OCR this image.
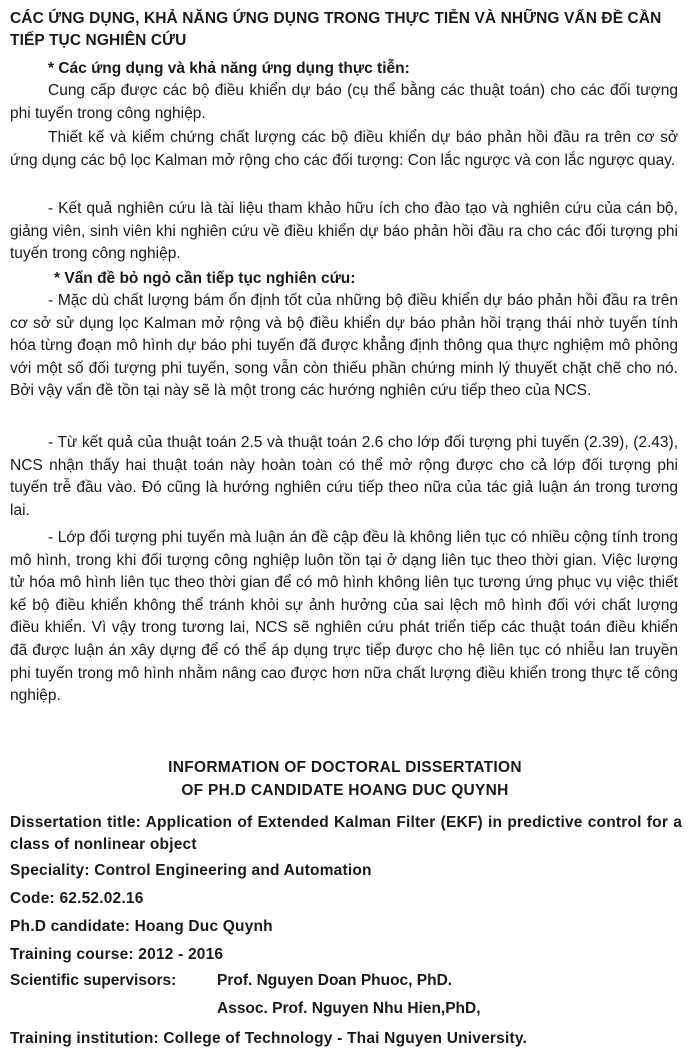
CÁC ỨNG DỤNG, KHẢ NĂNG ỨNG DỤNG TRONG THỰC TIỄN VÀ NHỮNG VẤN ĐỀ CẦN TIẾP TỤC NGHIÊN CỨU
* Các ứng dụng và khả năng ứng dụng thực tiễn:
Cung cấp được các bộ điều khiển dự báo (cụ thể bằng các thuật toán) cho các đối tượng phi tuyến trong công nghiệp.
Thiết kế và kiểm chứng chất lượng các bộ điều khiển dự báo phản hồi đầu ra trên cơ sở ứng dụng các bộ lọc Kalman mở rộng cho các đối tượng: Con lắc ngược và con lắc ngược quay.
- Kết quả nghiên cứu là tài liệu tham khảo hữu ích cho đào tạo và nghiên cứu của cán bộ, giảng viên, sinh viên khi nghiên cứu về điều khiển dự báo phản hồi đầu ra cho các đối tượng phi tuyến trong công nghiệp.
* Vấn đề bỏ ngỏ cần tiếp tục nghiên cứu:
- Mặc dù chất lượng bám ổn định tốt của những bộ điều khiển dự báo phản hồi đầu ra trên cơ sở sử dụng lọc Kalman mở rộng và bộ điều khiển dự báo phản hồi trạng thái nhờ tuyến tính hóa từng đoạn mô hình dự báo phi tuyến đã được khẳng định thông qua thực nghiệm mô phỏng với một số đối tượng phi tuyến, song vẫn còn thiếu phần chứng minh lý thuyết chặt chẽ cho nó. Bởi vậy vấn đề tồn tại này sẽ là một trong các hướng nghiên cứu tiếp theo của NCS.
- Từ kết quả của thuật toán 2.5 và thuật toán 2.6 cho lớp đối tượng phi tuyến (2.39), (2.43), NCS nhận thấy hai thuật toán này hoàn toàn có thể mở rộng được cho cả lớp đối tượng phi tuyến trễ đầu vào. Đó cũng là hướng nghiên cứu tiếp theo nữa của tác giả luận án trong tương lai.
- Lớp đối tượng phi tuyến mà luận án đề cập đều là không liên tục có nhiều cộng tính trong mô hình, trong khi đối tượng công nghiệp luôn tồn tại ở dạng liên tục theo thời gian. Việc lượng tử hóa mô hình liên tục theo thời gian để có mô hình không liên tục tương ứng phục vụ việc thiết kế bộ điều khiển không thể tránh khỏi sự ảnh hưởng của sai lệch mô hình đối với chất lượng điều khiển. Vì vậy trong tương lai, NCS sẽ nghiên cứu phát triển tiếp các thuật toán điều khiển đã được luận án xây dựng để có thể áp dụng trực tiếp được cho hệ liên tục có nhiễu lan truyền phi tuyến trong mô hình nhằm nâng cao được hơn nữa chất lượng điều khiển trong thực tế công nghiệp.
INFORMATION OF DOCTORAL DISSERTATION
OF PH.D CANDIDATE HOANG DUC QUYNH
Dissertation title: Application of Extended Kalman Filter (EKF) in predictive control for a class of nonlinear object
Speciality: Control Engineering and Automation
Code: 62.52.02.16
Ph.D candidate: Hoang Duc Quynh
Training course: 2012 - 2016
Scientific supervisors:	Prof. Nguyen Doan Phuoc, PhD.
Assoc. Prof. Nguyen Nhu Hien,PhD,
Training institution: College of Technology - Thai Nguyen University.
